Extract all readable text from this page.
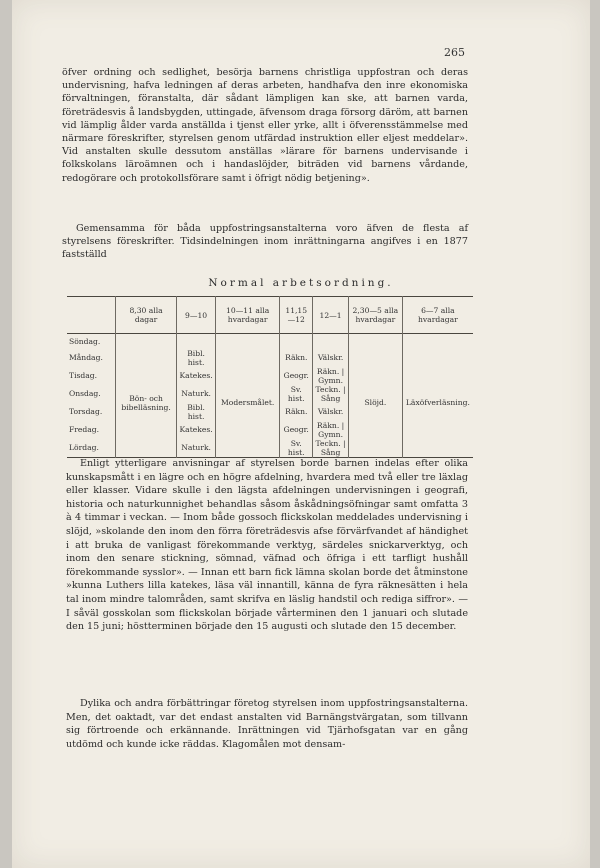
265

öfver ordning och sedlighet, besörja barnens christliga uppfostran och deras undervisning, hafva ledningen af deras arbeten, handhafva den inre ekonomiska förvaltningen, föranstalta, där sådant lämpligen kan ske, att barnen varda, företrädesvis å landsbygden, uttingade, äfvensom draga försorg däröm, att barnen vid lämplig ålder varda anställda i tjenst eller yrke, allt i öfverensstämmelse med närmare föreskrifter, styrelsen genom utfärdad instruktion eller eljest meddelar». Vid anstalten skulle dessutom anställas »lärare för barnens undervisande i folkskolans läroämnen och i handaslöjder, biträden vid barnens vårdande, redogörare och protokollsförare samt i öfrigt nödig betjening».

Gemensamma för båda uppfostringsanstalterna voro äfven de flesta af styrelsens föreskrifter. Tidsindelningen inom inrättningarna angifves i en 1877 fastställd

Normal arbetsordning.
	8,30 alla dagar	9—10	10—11 alla hvardagar	11,15—12	12—1	2,30—5 alla hvardagar	6—7 alla hvardagar
Söndag.							
Måndag.	Bön- och bibelläsning.	Bibl. hist.	Modersmålet.	Räkn.	Välskr.	Slöjd.	Läxöfverläsning.
Tisdag.		Katekes.		Geogr.	Räkn. | Gymn.		
Onsdag.		Naturk.		Sv. hist.	Teckn. | Sång		
Torsdag.		Bibl. hist.		Räkn.	Välskr.		
Fredag.		Katekes.		Geogr.	Räkn. | Gymn.		
Lördag.		Naturk.		Sv. hist.	Teckn. | Sång		

Enligt ytterligare anvisningar af styrelsen borde barnen indelas efter olika kunskapsmått i en lägre och en högre afdelning, hvardera med två eller tre läxlag eller klasser. Vidare skulle i den lägsta afdelningen undervisningen i geografi, historia och naturkunnighet behandlas såsom åskådningsöfningar samt omfatta 3 à 4 timmar i veckan. — Inom både gossoch flickskolan meddelades undervisning i slöjd, »skolande den inom den förra företrädesvis afse förvärfvandet af händighet i att bruka de vanligast förekommande verktyg, särdeles snickarverktyg, och inom den senare stickning, sömnad, väfnad och öfriga i ett tarfligt hushåll förekommande sysslor». — Innan ett barn fick lämna skolan borde det åtminstone »kunna Luthers lilla katekes, läsa väl innantill, känna de fyra räknesätten i hela tal inom mindre talområden, samt skrifva en läslig handstil och rediga siffror». — I såväl gosskolan som flickskolan började vårterminen den 1 januari och slutade den 15 juni; höstterminen började den 15 augusti och slutade den 15 december.

Dylika och andra förbättringar företog styrelsen inom uppfostringsanstalterna. Men, det oaktadt, var det endast anstalten vid Barnängstvärgatan, som tillvann sig förtroende och erkännande. Inrättningen vid Tjärhofsgatan var en gång utdömd och kunde icke räddas. Klagomålen mot densam-
